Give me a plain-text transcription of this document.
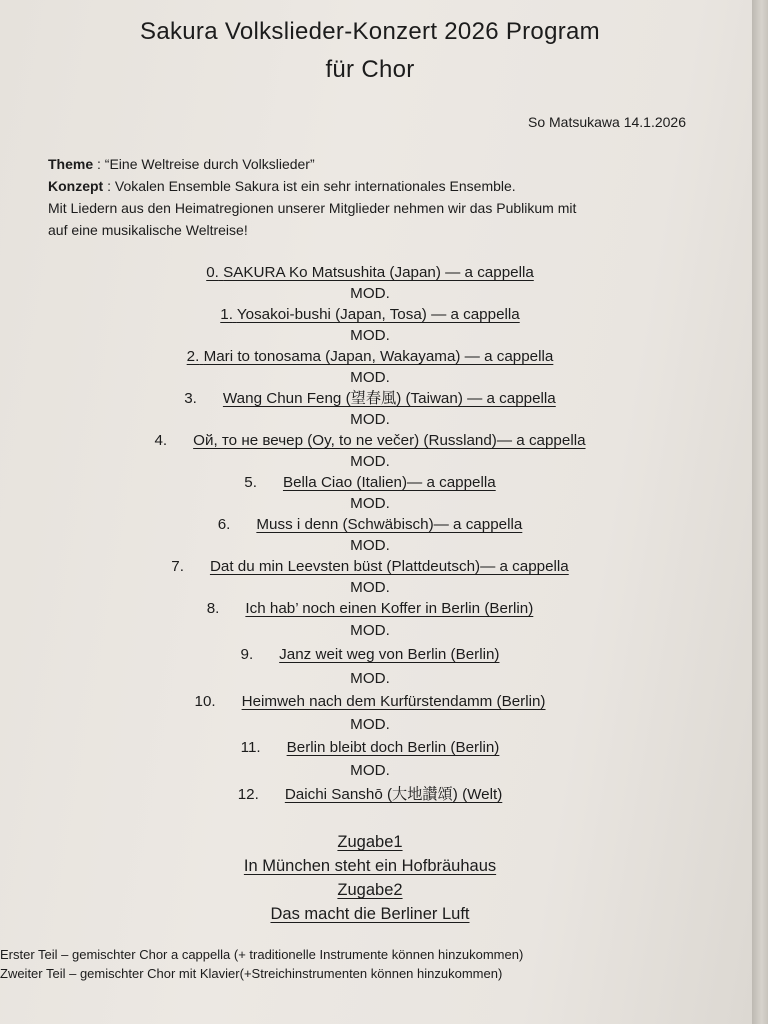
Sakura Volkslieder-Konzert 2026 Program
für Chor
So Matsukawa 14.1.2026
Theme : “Eine Weltreise durch Volkslieder”
Konzept : Vokalen Ensemble Sakura ist ein sehr internationales Ensemble.
Mit Liedern aus den Heimatregionen unserer Mitglieder nehmen wir das Publikum mit
auf eine musikalische Weltreise!
0. SAKURA Ko Matsushita (Japan) — a cappella
MOD.
1. Yosakoi-bushi (Japan, Tosa) — a cappella
MOD.
2. Mari to tonosama (Japan, Wakayama) — a cappella
MOD.
3. Wang Chun Feng (望春風) (Taiwan) — a cappella
MOD.
4. Ой, то не вечер (Oy, to ne večer) (Russland)— a cappella
MOD.
5. Bella Ciao (Italien)— a cappella
MOD.
6. Muss i denn (Schwäbisch)— a cappella
MOD.
7. Dat du min Leevsten büst (Plattdeutsch)— a cappella
MOD.
8. Ich hab’ noch einen Koffer in Berlin (Berlin)
MOD.
9. Janz weit weg von Berlin (Berlin)
MOD.
10. Heimweh nach dem Kurfürstendamm (Berlin)
MOD.
11. Berlin bleibt doch Berlin (Berlin)
MOD.
12. Daichi Sanshō (大地讃頌) (Welt)
Zugabe1
In München steht ein Hofbräuhaus
Zugabe2
Das macht die Berliner Luft
Erster Teil – gemischter Chor a cappella (+ traditionelle Instrumente können hinzukommen)
Zweiter Teil – gemischter Chor mit Klavier(+Streichinstrumenten können hinzukommen)
